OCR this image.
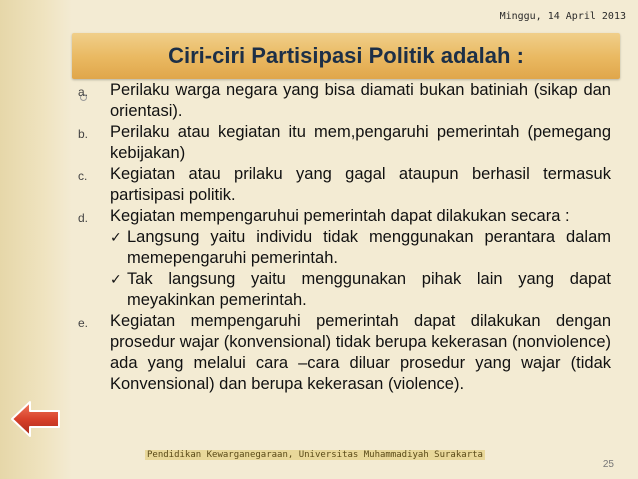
Minggu, 14 April 2013
Ciri-ciri Partisipasi Politik adalah :
a.	Perilaku warga negara yang bisa diamati bukan batiniah (sikap dan orientasi).
b.	Perilaku atau kegiatan itu mem,pengaruhi pemerintah (pemegang kebijakan)
c.	Kegiatan atau prilaku yang gagal ataupun berhasil termasuk partisipasi politik.
d.	Kegiatan mempengaruhui pemerintah dapat dilakukan secara :
✓ Langsung yaitu individu tidak menggunakan perantara dalam memepengaruhi pemerintah.
✓ Tak langsung yaitu menggunakan pihak lain yang dapat meyakinkan pemerintah.
e.	Kegiatan mempengaruhi pemerintah dapat dilakukan dengan prosedur wajar (konvensional) tidak berupa kekerasan (nonviolence) ada yang melalui cara –cara diluar prosedur yang wajar (tidak Konvensional) dan berupa kekerasan (violence).
Pendidikan Kewarganegaraan, Universitas Muhammadiyah Surakarta
25
